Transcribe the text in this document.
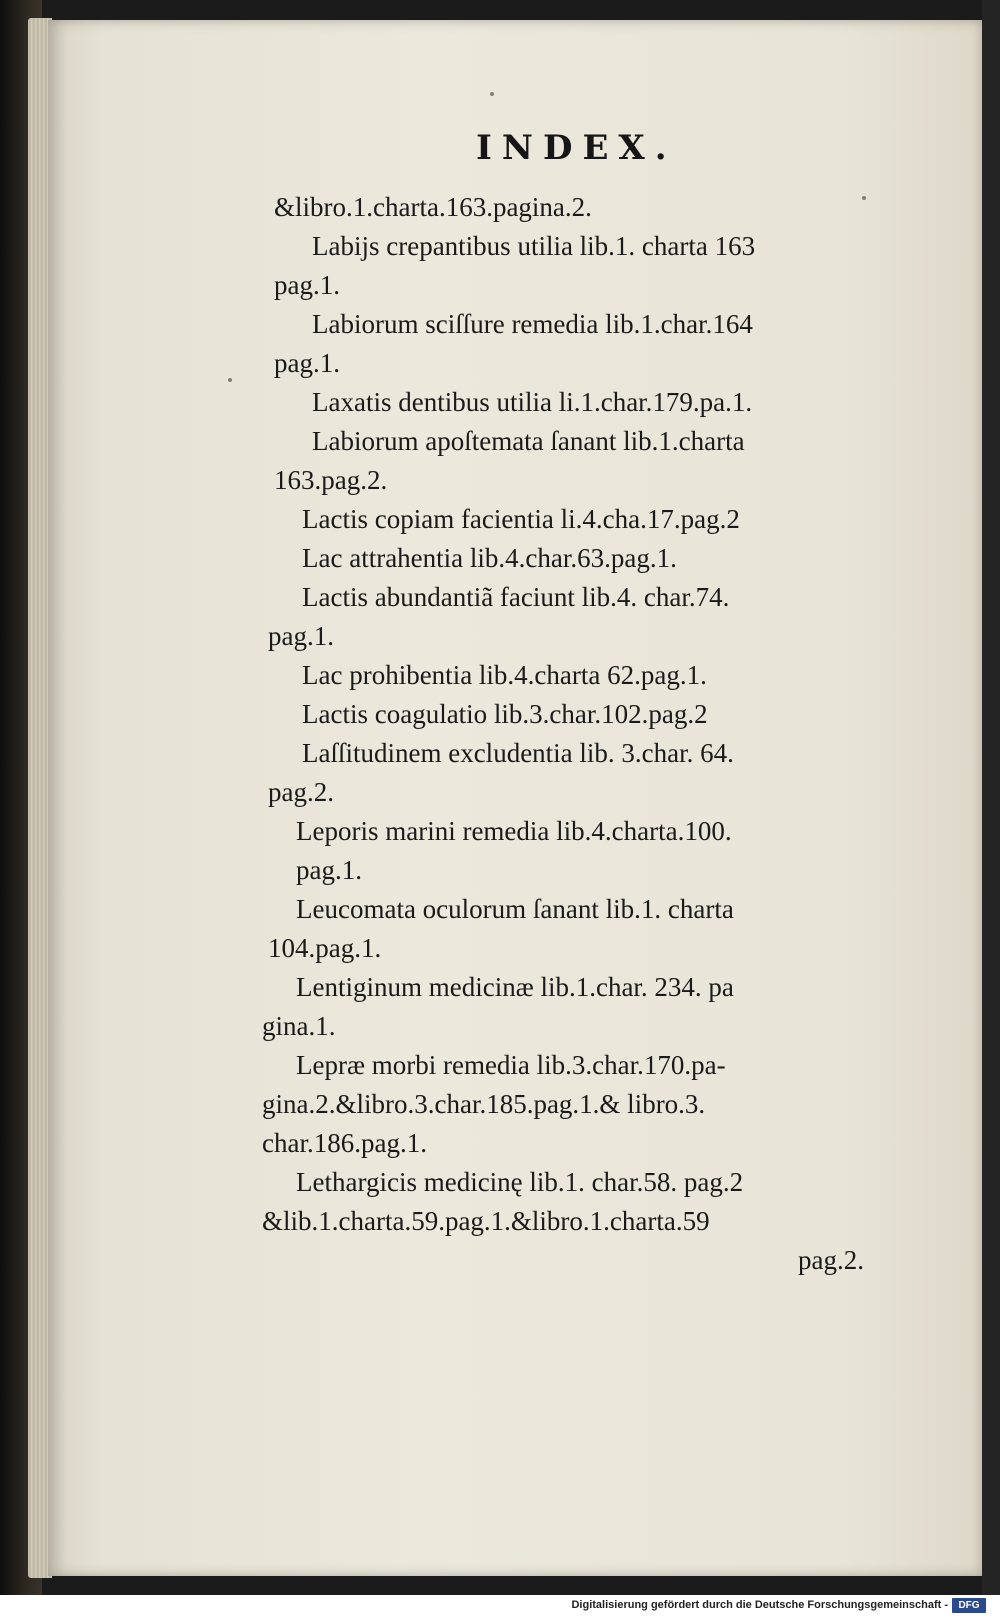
INDEX.
&libro.1.charta.163.pagina.2.
Labijs crepantibus utilia lib.1. charta 163
pag.1.
Labiorum sciſſure remedia lib.1.char.164
pag.1.
Laxatis dentibus utilia li.1.char.179.pa.1.
Labiorum apoſtemata ſanant lib.1.charta
163.pag.2.
Lactis copiam facientia li.4.cha.17.pag.2
Lac attrahentia lib.4.char.63.pag.1.
Lactis abundantiã faciunt lib.4. char.74.
pag.1.
Lac prohibentia lib.4.charta 62.pag.1.
Lactis coagulatio lib.3.char.102.pag.2
Laſſitudinem excludentia lib. 3.char. 64.
pag.2.
Leporis marini remedia lib.4.charta.100.
pag.1.
Leucomata oculorum ſanant lib.1. charta
104.pag.1.
Lentiginum medicinæ lib.1.char. 234. pa
gina.1.
Lepræ morbi remedia lib.3.char.170.pa-
gina.2.&libro.3.char.185.pag.1.& libro.3.
char.186.pag.1.
Lethargicis medicinę lib.1. char.58. pag.2
&lib.1.charta.59.pag.1.&libro.1.charta.59
pag.2.
Digitalisierung gefördert durch die Deutsche Forschungsgemeinschaft -	DFG
